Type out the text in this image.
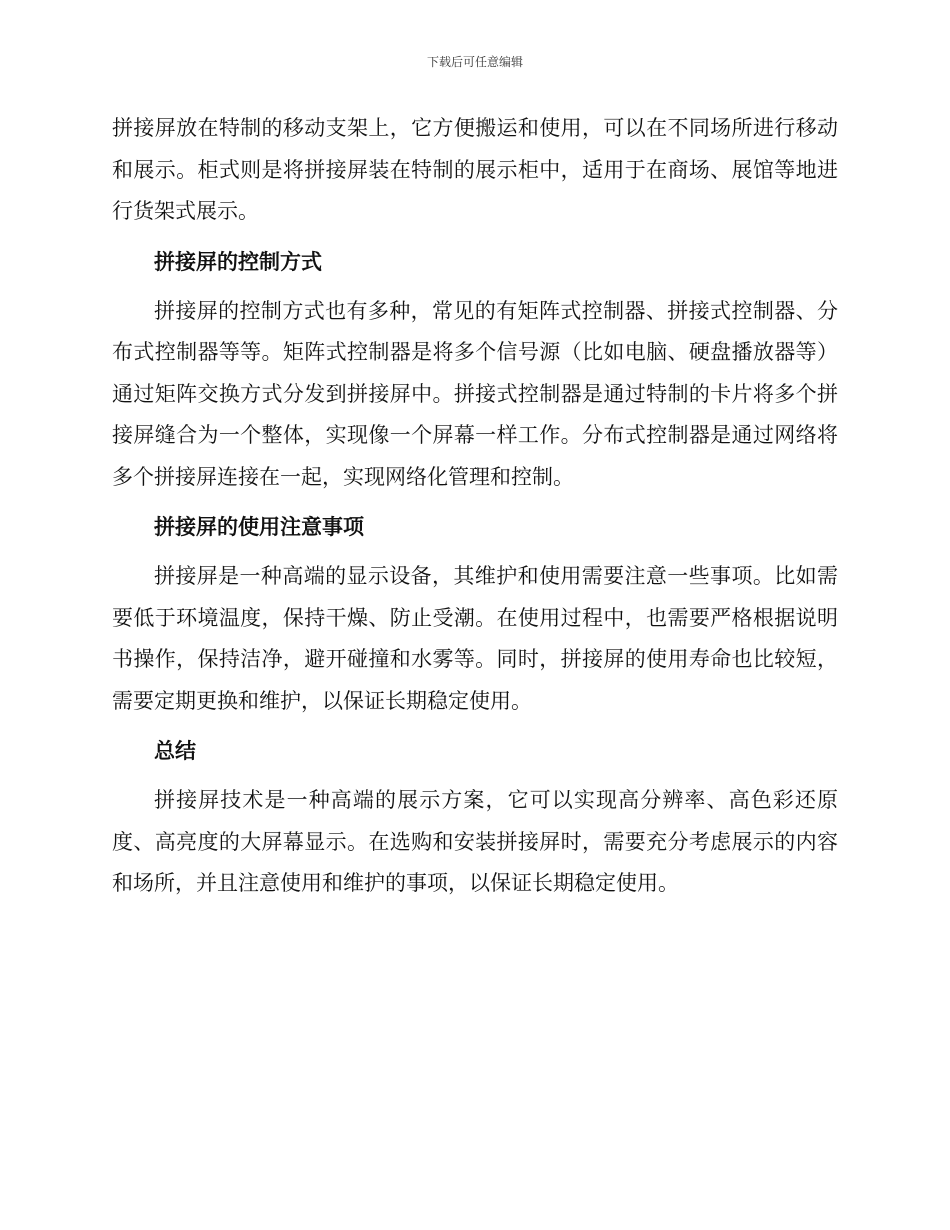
下载后可任意编辑

拼接屏放在特制的移动支架上，它方便搬运和使用，可以在不同场所进行移动和展示。柜式则是将拼接屏装在特制的展示柜中，适用于在商场、展馆等地进行货架式展示。

拼接屏的控制方式

拼接屏的控制方式也有多种，常见的有矩阵式控制器、拼接式控制器、分布式控制器等等。矩阵式控制器是将多个信号源（比如电脑、硬盘播放器等）通过矩阵交换方式分发到拼接屏中。拼接式控制器是通过特制的卡片将多个拼接屏缝合为一个整体，实现像一个屏幕一样工作。分布式控制器是通过网络将多个拼接屏连接在一起，实现网络化管理和控制。

拼接屏的使用注意事项

拼接屏是一种高端的显示设备，其维护和使用需要注意一些事项。比如需要低于环境温度，保持干燥、防止受潮。在使用过程中，也需要严格根据说明书操作，保持洁净，避开碰撞和水雾等。同时，拼接屏的使用寿命也比较短，需要定期更换和维护，以保证长期稳定使用。

总结

拼接屏技术是一种高端的展示方案，它可以实现高分辨率、高色彩还原度、高亮度的大屏幕显示。在选购和安装拼接屏时，需要充分考虑展示的内容和场所，并且注意使用和维护的事项，以保证长期稳定使用。
